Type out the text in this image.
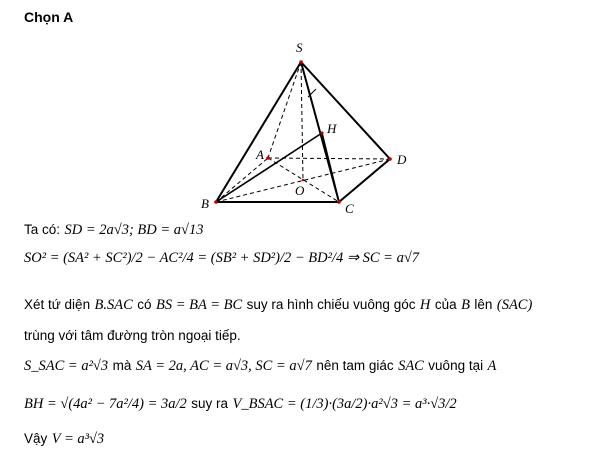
Chọn A
S
A
B	C
D
H
O
Ta có: SD = 2a√3; BD = a√13
SO² = (SA² + SC²)/2 − AC²/4 = (SB² + SD²)/2 − BD²/4 ⇒ SC = a√7
Xét tứ diện B.SAC có BS = BA = BC suy ra hình chiếu vuông góc H của B lên (SAC)
trùng với tâm đường tròn ngoại tiếp.
S_SAC = a²√3 mà SA = 2a, AC = a√3, SC = a√7 nên tam giác SAC vuông tại A
BH = √(4a² − 7a²/4) = 3a/2 suy ra V_BSAC = (1/3)·(3a/2)·a²√3 = a³·√3/2
Vậy V = a³√3
